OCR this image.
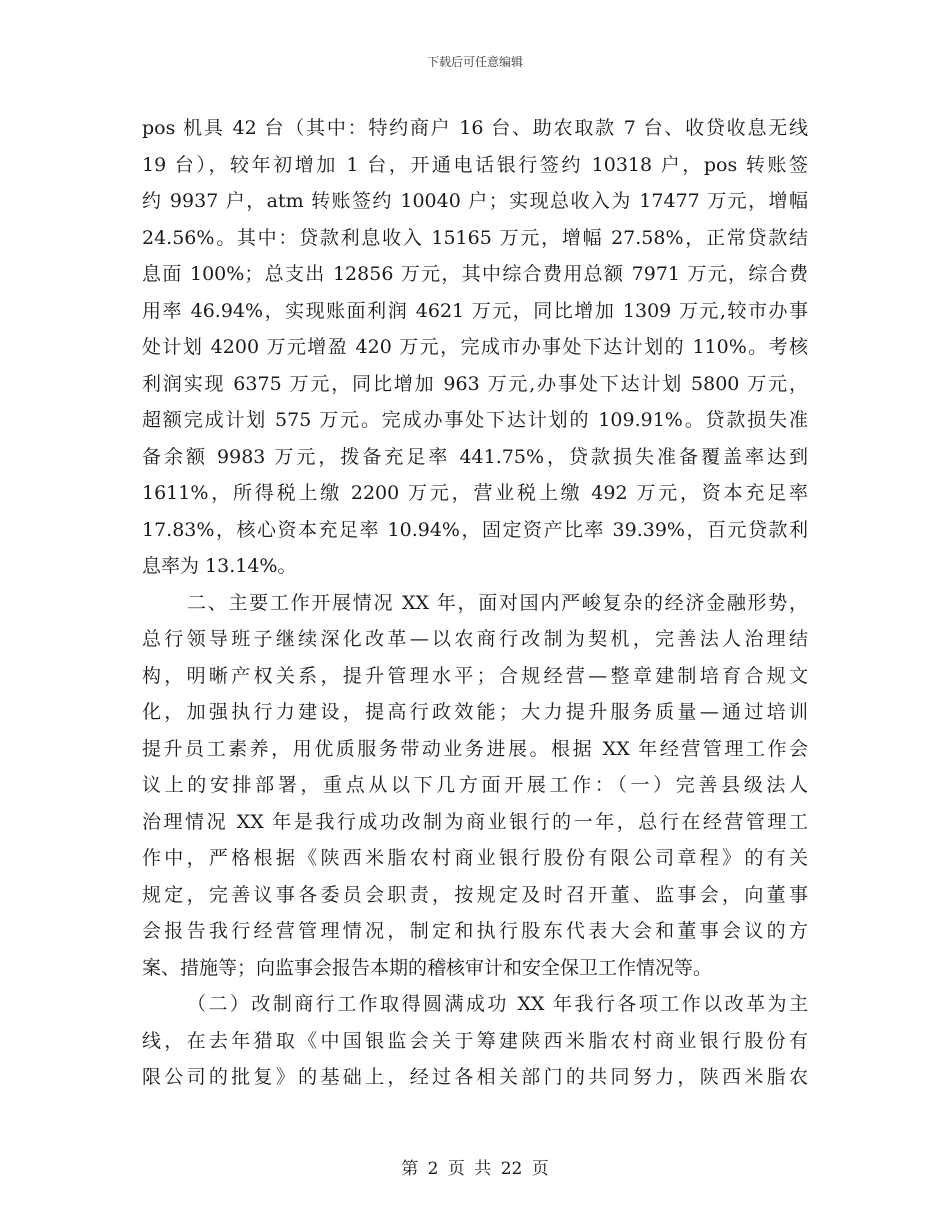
下载后可任意编辑
pos 机具 42 台（其中：特约商户 16 台、助农取款 7 台、收贷收息无线
19 台），较年初增加 1 台，开通电话银行签约 10318 户，pos 转账签
约 9937 户，atm 转账签约 10040 户；实现总收入为 17477 万元，增幅
24.56%。其中：贷款利息收入 15165 万元，增幅 27.58%，正常贷款结
息面 100%；总支出 12856 万元，其中综合费用总额 7971 万元，综合费
用率 46.94%，实现账面利润 4621 万元，同比增加 1309 万元,较市办事
处计划 4200 万元增盈 420 万元，完成市办事处下达计划的 110%。考核
利润实现 6375 万元，同比增加 963 万元,办事处下达计划 5800 万元，
超额完成计划 575 万元。完成办事处下达计划的 109.91%。贷款损失准
备余额 9983 万元，拨备充足率 441.75%，贷款损失准备覆盖率达到
1611%，所得税上缴 2200 万元，营业税上缴 492 万元，资本充足率
17.83%，核心资本充足率 10.94%，固定资产比率 39.39%，百元贷款利
息率为 13.14%。
二、主要工作开展情况 XX 年，面对国内严峻复杂的经济金融形势，
总行领导班子继续深化改革—以农商行改制为契机，完善法人治理结
构，明晰产权关系，提升管理水平；合规经营—整章建制培育合规文
化，加强执行力建设，提高行政效能；大力提升服务质量—通过培训
提升员工素养，用优质服务带动业务进展。根据 XX 年经营管理工作会
议上的安排部署，重点从以下几方面开展工作：（一）完善县级法人
治理情况 XX 年是我行成功改制为商业银行的一年，总行在经营管理工
作中，严格根据《陕西米脂农村商业银行股份有限公司章程》的有关
规定，完善议事各委员会职责，按规定及时召开董、监事会，向董事
会报告我行经营管理情况，制定和执行股东代表大会和董事会议的方
案、措施等；向监事会报告本期的稽核审计和安全保卫工作情况等。
（二）改制商行工作取得圆满成功 XX 年我行各项工作以改革为主
线，在去年猎取《中国银监会关于筹建陕西米脂农村商业银行股份有
限公司的批复》的基础上，经过各相关部门的共同努力，陕西米脂农
第 2 页 共 22 页
